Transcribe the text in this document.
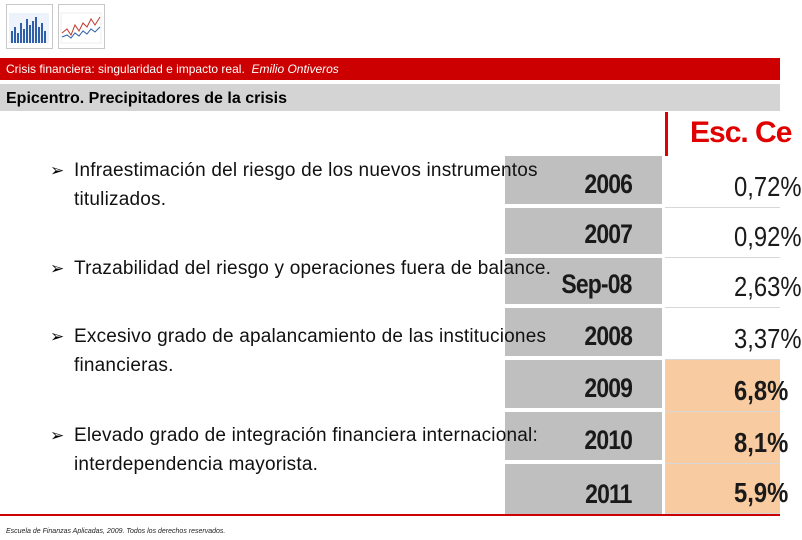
Crisis financiera: singularidad e impacto real. Emilio Ontiveros
Epicentro. Precipitadores de la crisis
Esc. Ce
2006	0,72%
2007	0,92%
Sep-08	2,63%
2008	3,37%
2009	6,8%
2010	8,1%
2011	5,9%
➢ Infraestimación del riesgo de los nuevos instrumentos
titulizados.
➢ Trazabilidad del riesgo y operaciones fuera de balance.
➢ Excesivo grado de apalancamiento de las instituciones
financieras.
➢ Elevado grado de integración financiera internacional:
interdependencia mayorista.
Escuela de Finanzas Aplicadas, 2009. Todos los derechos reservados.
